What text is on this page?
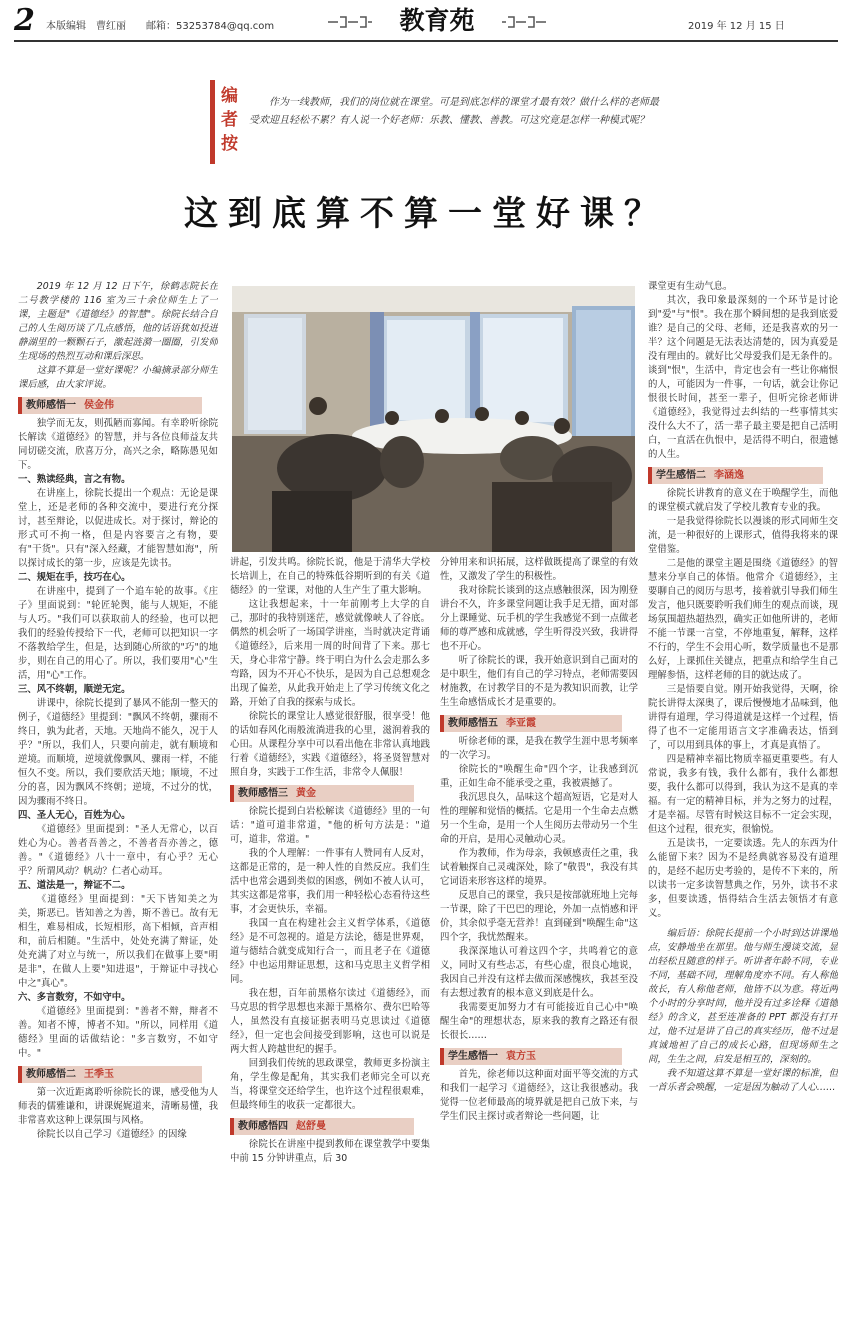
2 本版编辑　曹红丽　　邮箱：53253784@qq.com	教育苑	2019 年 12 月 15 日
编者按
作为一线教师，我们的岗位就在课堂。可是到底怎样的课堂才最有效？做什么样的老师最受欢迎且轻松不累？有人说一个好老师：乐教、懂教、善教。可这究竟是怎样一种模式呢？
这到底算不算一堂好课？

2019 年 12 月 12 日下午，徐鹤志院长在二号教学楼的 116 室为三十余位师生上了一课，主题是"《道德经》的智慧"。徐院长结合自己的人生阅历谈了几点感悟，他的话语犹如投进静湖里的一颗颗石子，激起涟漪一圈圈，引发师生现场的热烈互动和课后深思。

这算不算是一堂好课呢？小编摘录部分师生课后感，由大家评说。

教师感悟一 侯金伟

独学而无友，则孤陋而寡闻。有幸聆听徐院长解读《道德经》的智慧，并与各位良师益友共同切磋交流，欣喜万分，高兴之余，略陈愚见如下。

一、熟读经典，言之有物。

在讲座上，徐院长提出一个观点：无论是课堂上，还是老师的各种交流中，要进行充分探讨，甚至辩论，以促进成长。对于探讨，辩论的形式可不拘一格，但是内容要言之有物，要有"干货"。只有"深入经藏，才能智慧如海"，所以探讨成长的第一步，应该是先读书。

二、规矩在手，技巧在心。

在讲座中，提到了一个追车轮的故事。《庄子》里面说到："轮匠轮舆，能与人规矩，不能与人巧。"我们可以获取前人的经验，也可以把我们的经验传授给下一代，老师可以把知识一字不落教给学生，但是，达到随心所欲的"巧"的地步，则在自己的用心了。所以，我们要用"心"生活，用"心"工作。

三、风不终朝，顺逆无定。

讲课中，徐院长提到了暴风不能刮一整天的例子，《道德经》里提到："飘风不终朝，骤雨不终日，孰为此者，天地。天地尚不能久，况于人乎？"所以，我们人，只要向前走，就有顺境和逆境。而顺境，逆境就像飘风、骤雨一样，不能恒久不变。所以，我们要欣活天地；顺境，不过分的喜，因为飘风不终朝；逆境，不过分的忧，因为骤雨不终日。

四、圣人无心，百姓为心。

《道德经》里面提到："圣人无常心，以百姓心为心。善者吾善之，不善者吾亦善之，德善。"《道德经》八十一章中，有心乎？无心乎？所谓风动？帆动？仁者心动耳。

五、道法是一，辩证不二。

《道德经》里面提到："天下皆知美之为美，斯恶已。皆知善之为善，斯不善已。故有无相生，难易相成，长短相形，高下相倾，音声相和，前后相随。"生活中，处处充满了辩证，处处充满了对立与统一，所以我们在做事上要"明是非"，在做人上要"知进退"，于辩证中寻找心中之"真心"。

六、多言数穷，不如守中。

《道德经》里面提到："善者不辩，辩者不善。知者不博，博者不知。"所以，同样用《道德经》里面的话做结论："多言数穷，不如守中。"

教师感悟二 王季玉

第一次近距离聆听徐院长的课，感受他为人师表的儒雅谦和，讲课娓娓道来，清晰易懂，我非常喜欢这种上课氛围与风格。

徐院长以自己学习《道德经》的因缘

讲起，引发共鸣。徐院长说，他是于清华大学校长培训上，在自己的特殊低谷期听到的有关《道德经》的一堂课，对他的人生产生了重大影响。

这让我想起来，十一年前刚考上大学的自己，那时的我特别迷茫，感觉就像峡人了谷底。偶然的机会听了一场国学讲座，当时就决定背诵《道德经》，后来用一周的时间背了下来。那七天，身心非常宁静。终于明白为什么会走那么多弯路，因为不开心不快乐，是因为自己总想观念出现了偏差，从此我开始走上了学习传统文化之路，开始了自我的探索与成长。

徐院长的课堂让人感觉很舒服，很享受！他的话如春风化雨般流淌进我的心里，滋润着我的心田。从课程分享中可以看出他在非常认真地践行着《道德经》，实践《道德经》，将圣贤智慧对照自身，实践于工作生活，非常令人佩服！

教师感悟三 黄金

徐院长提到白岩松解读《道德经》里的一句话："道可道非常道，"他的析句方法是："道可，道非，常道。"

我的个人理解：一件事有人赞同有人反对，这都是正常的，是一种人性的自然反应。我们生活中也常会遇到类似的困惑，例如不被人认可，其实这都是常事，我们用一种轻松心态看待这些事，才会更快乐，幸福。

我国一直在构建社会主义哲学体系，《道德经》是不可忽视的。道是方法论，德是世界观，道与德结合就变成知行合一，而且老子在《道德经》中也运用辩证思想，这和马克思主义哲学相同。

我在想，百年前黑格尔读过《道德经》，而马克思的哲学思想也来源于黑格尔、费尔巴哈等人，虽然没有直接证据表明马克思读过《道德经》，但一定也会间接受到影响，这也可以说是两大哲人跨越世纪的握手。

回到我们传统的思政课堂，教师更多扮演主角，学生像是配角，其实我们老师完全可以充当，将课堂交还给学生，也许这个过程很艰难，但最终师生的收获一定都很大。

教师感悟四 赵舒曼

徐院长在讲座中提到教师在课堂教学中要集中前 15 分钟讲重点，后 30

分钟用来和识拓展，这样做既提高了课堂的有效性，又激发了学生的积极性。

我对徐院长谈到的这点感触很深，因为刚登讲台不久，许多课堂问题让我手足无措，面对部分上课睡觉、玩手机的学生我感觉不到一点做老师的尊严感和成就感，学生听得没兴致，我讲得也不开心。

听了徐院长的课，我开始意识到自己面对的是中职生，他们有自己的学习特点，老师需要因材施教，在讨教学目的不是为教知识而教，让学生生命感悟成长才是重要的。

教师感悟五 李亚霞

听徐老师的课，是我在教学生涯中思考频率的一次学习。

徐院长的"唤醒生命"四个字，让我感到沉重，正如生命不能承受之重，我被震撼了。

我沉思良久，品味这个超高短语，它是对人性的理解和觉悟的概括。它是用一个生命去点燃另一个生命，是用一个人生阅历去带动另一个生命的开启，是用心灵触动心灵。

作为教师，作为母亲，我顿感责任之重，我试着触探自己灵魂深处，除了"敬畏"，我没有其它词语来形容这样的境界。

反思自己的课堂，我只是按部就班地上完每一节课，除了干巴巴的理论，外加一点悄感和评价，其余似乎毫无营养！直到碰到"唤醒生命"这四个字，我忧然醒来。

我深深地认可着这四个字，共鸣着它的意义，同时又有些忐忑，有些心虚，很良心地说，我因自己并没有这样去做而深感愧疚，我甚至没有去想过教育的根本意义到底是什么。

我需要更加努力才有可能接近自己心中"唤醒生命"的理想状态，原来我的教育之路还有很长很长……

学生感悟一 袁方玉

首先，徐老师以这种面对面平等交流的方式和我们一起学习《道德经》，这让我很感动。我觉得一位老师最高的境界就是把自己放下来，与学生们民主探讨或者辩论一些问题，让

课堂更有生动气息。

其次，我印象最深刻的一个环节是讨论到"爱"与"恨"。我在那个瞬间想的是我到底爱谁？是自己的父母、老师，还是我喜欢的另一半？这个问题是无法表达清楚的，因为真爱是没有理由的。就好比父母爱我们是无条件的。谈到"恨"，生活中，肯定也会有一些让你痛恨的人，可能因为一件事，一句话，就会让你记恨很长时间，甚至一辈子，但听完徐老师讲《道德经》，我觉得过去纠结的一些事情其实没什么大不了，活一辈子最主要是把自己活明白，一直活在仇恨中，是活得不明白，很遗憾的人生。

学生感悟二 李涵逸

徐院长讲教育的意义在于唤醒学生，而他的课堂模式就启发了学校儿教育专业的我。

一是我觉得徐院长以漫谈的形式同师生交流，是一种很好的上课形式，值得我将来的课堂借鉴。

二是他的课堂主题是围绕《道德经》的智慧来分享自己的体悟。他常介《道德经》，主要聊自己的阅历与思考，接着就引导我们师生发言，他只既要聆听我们师生的观点而谈，现场氛围超热超热烈，确实正如他所讲的，老师不能一节课一言堂，不停地重复，解释，这样不行的，学生不会用心听，数学质量也不是那么好，上课抓住关键点，把重点和给学生自己理解参悟，这样老师的目的就达成了。

三是悟要自觉。刚开始我觉得，天啊，徐院长讲得太深奥了，课后慢慢地才品味到，他讲得有道理，学习得道就是这样一个过程，悟得了也不一定能用语言文字准确表达，悟到了，可以用到具体的事上，才真是真悟了。

四是精神幸福比物质幸福更重要些。有人常说，我多有钱，我什么都有，我什么都想要，我什么都可以得到，我认为这不是真的幸福。有一定的精神目标，并为之努力的过程，才是幸福。尽管有时候这目标不一定会实现，但这个过程，很充实，很愉悦。

五是读书，一定要读透。先人的东西为什么能留下来？因为不是经典就容易没有道理的，是经不起历史考验的，是传不下来的，所以读书一定多读智慧典之作，另外，读书不求多，但要读透，悟得结合生活去领悟才有意义。

编后语：徐院长提前一个小时到达讲课地点，安静地坐在那里。他与师生漫谈交流，显出轻松且随意的样子。听讲者年龄不同，专业不同，基础不同，理解角度亦不同。有人称他故长，有人称他老师，他皆不以为意。将近两个小时的分享时间，他并没有过多诠释《道德经》的含义，甚至连准备的 PPT 都没有打开过，他不过是讲了自己的真实经历，他不过是真诚地袒了自己的成长心路，但现场师生之间，生生之间，启发是相互的，深刻的。

我不知道这算不算是一堂好课的标准，但一首乐者会唤醒，一定是因为触动了人心……
